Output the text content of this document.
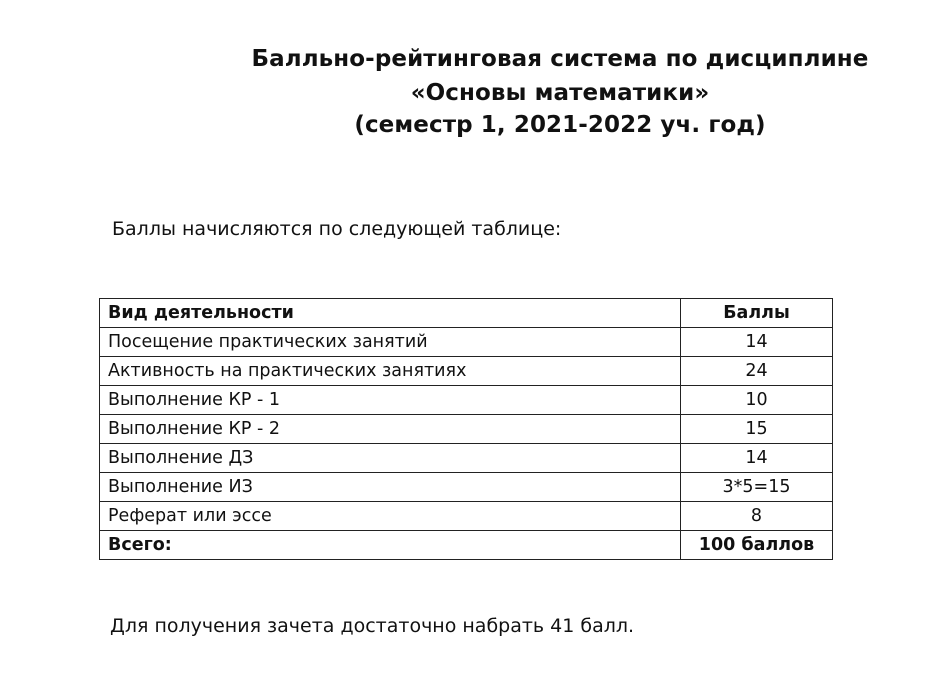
Балльно-рейтинговая система по дисциплине
«Основы математики»
(семестр 1, 2021-2022 уч. год)
Баллы начисляются по следующей таблице:
Вид деятельности	Баллы
Посещение практических занятий	14
Активность на практических занятиях	24
Выполнение КР - 1	10
Выполнение КР - 2	15
Выполнение ДЗ	14
Выполнение ИЗ	3*5=15
Реферат или эссе	8
Всего:	100 баллов
Для получения зачета достаточно набрать 41 балл.
